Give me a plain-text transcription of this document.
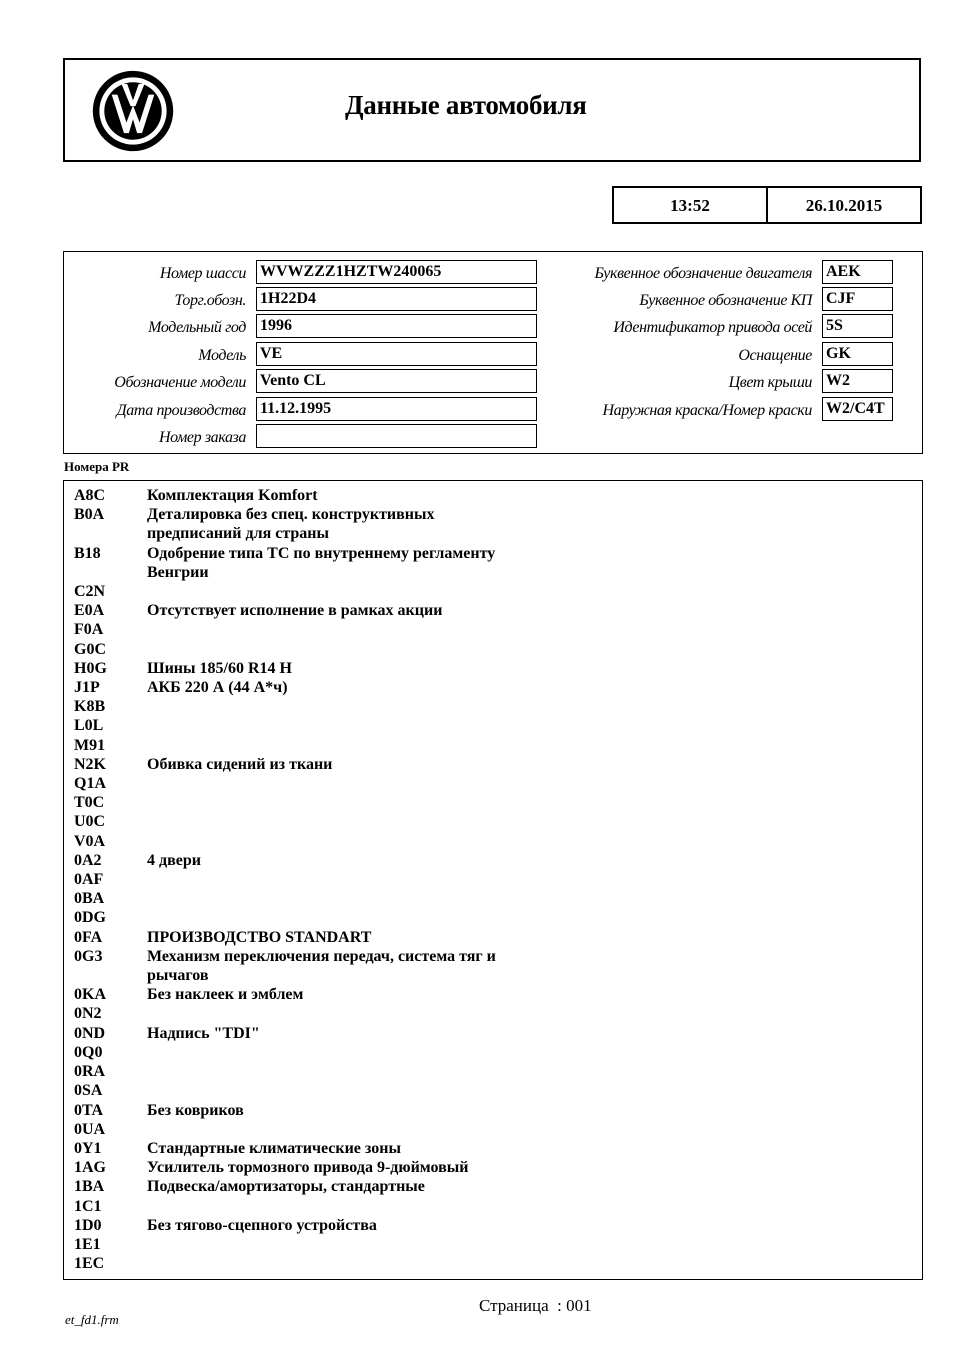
Данные автомобиля
13:52	26.10.2015
Номер шасси WVWZZZ1HZTW240065
Торг.обозн. 1H22D4
Модельный год 1996
Модель VE
Обозначение модели Vento CL
Дата производства 11.12.1995
Номер заказа
Буквенное обозначение двигателя AEK
Буквенное обозначение КП CJF
Идентификатор привода осей 5S
Оснащение GK
Цвет крыши W2
Наружная краска/Номер краски W2/C4T
Номера PR
A8C	Комплектация Komfort
B0A	Деталировка без спец. конструктивных предписаний для страны
B18	Одобрение типа ТС по внутреннему регламенту Венгрии
C2N
E0A	Отсутствует исполнение в рамках акции
F0A
G0C
H0G	Шины 185/60 R14 H
J1P	АКБ 220 А (44 А*ч)
K8B
L0L
M91
N2K	Обивка сидений из ткани
Q1A
T0C
U0C
V0A
0A2	4 двери
0AF
0BA
0DG
0FA	ПРОИЗВОДСТВО STANDART
0G3	Механизм переключения передач, система тяг и рычагов
0KA	Без наклеек и эмблем
0N2
0ND	Надпись "TDI"
0Q0
0RA
0SA
0TA	Без ковриков
0UA
0Y1	Стандартные климатические зоны
1AG	Усилитель тормозного привода 9-дюймовый
1BA	Подвеска/амортизаторы, стандартные
1C1
1D0	Без тягово-сцепного устройства
1E1
1EC
Страница  : 001
et_fd1.frm
